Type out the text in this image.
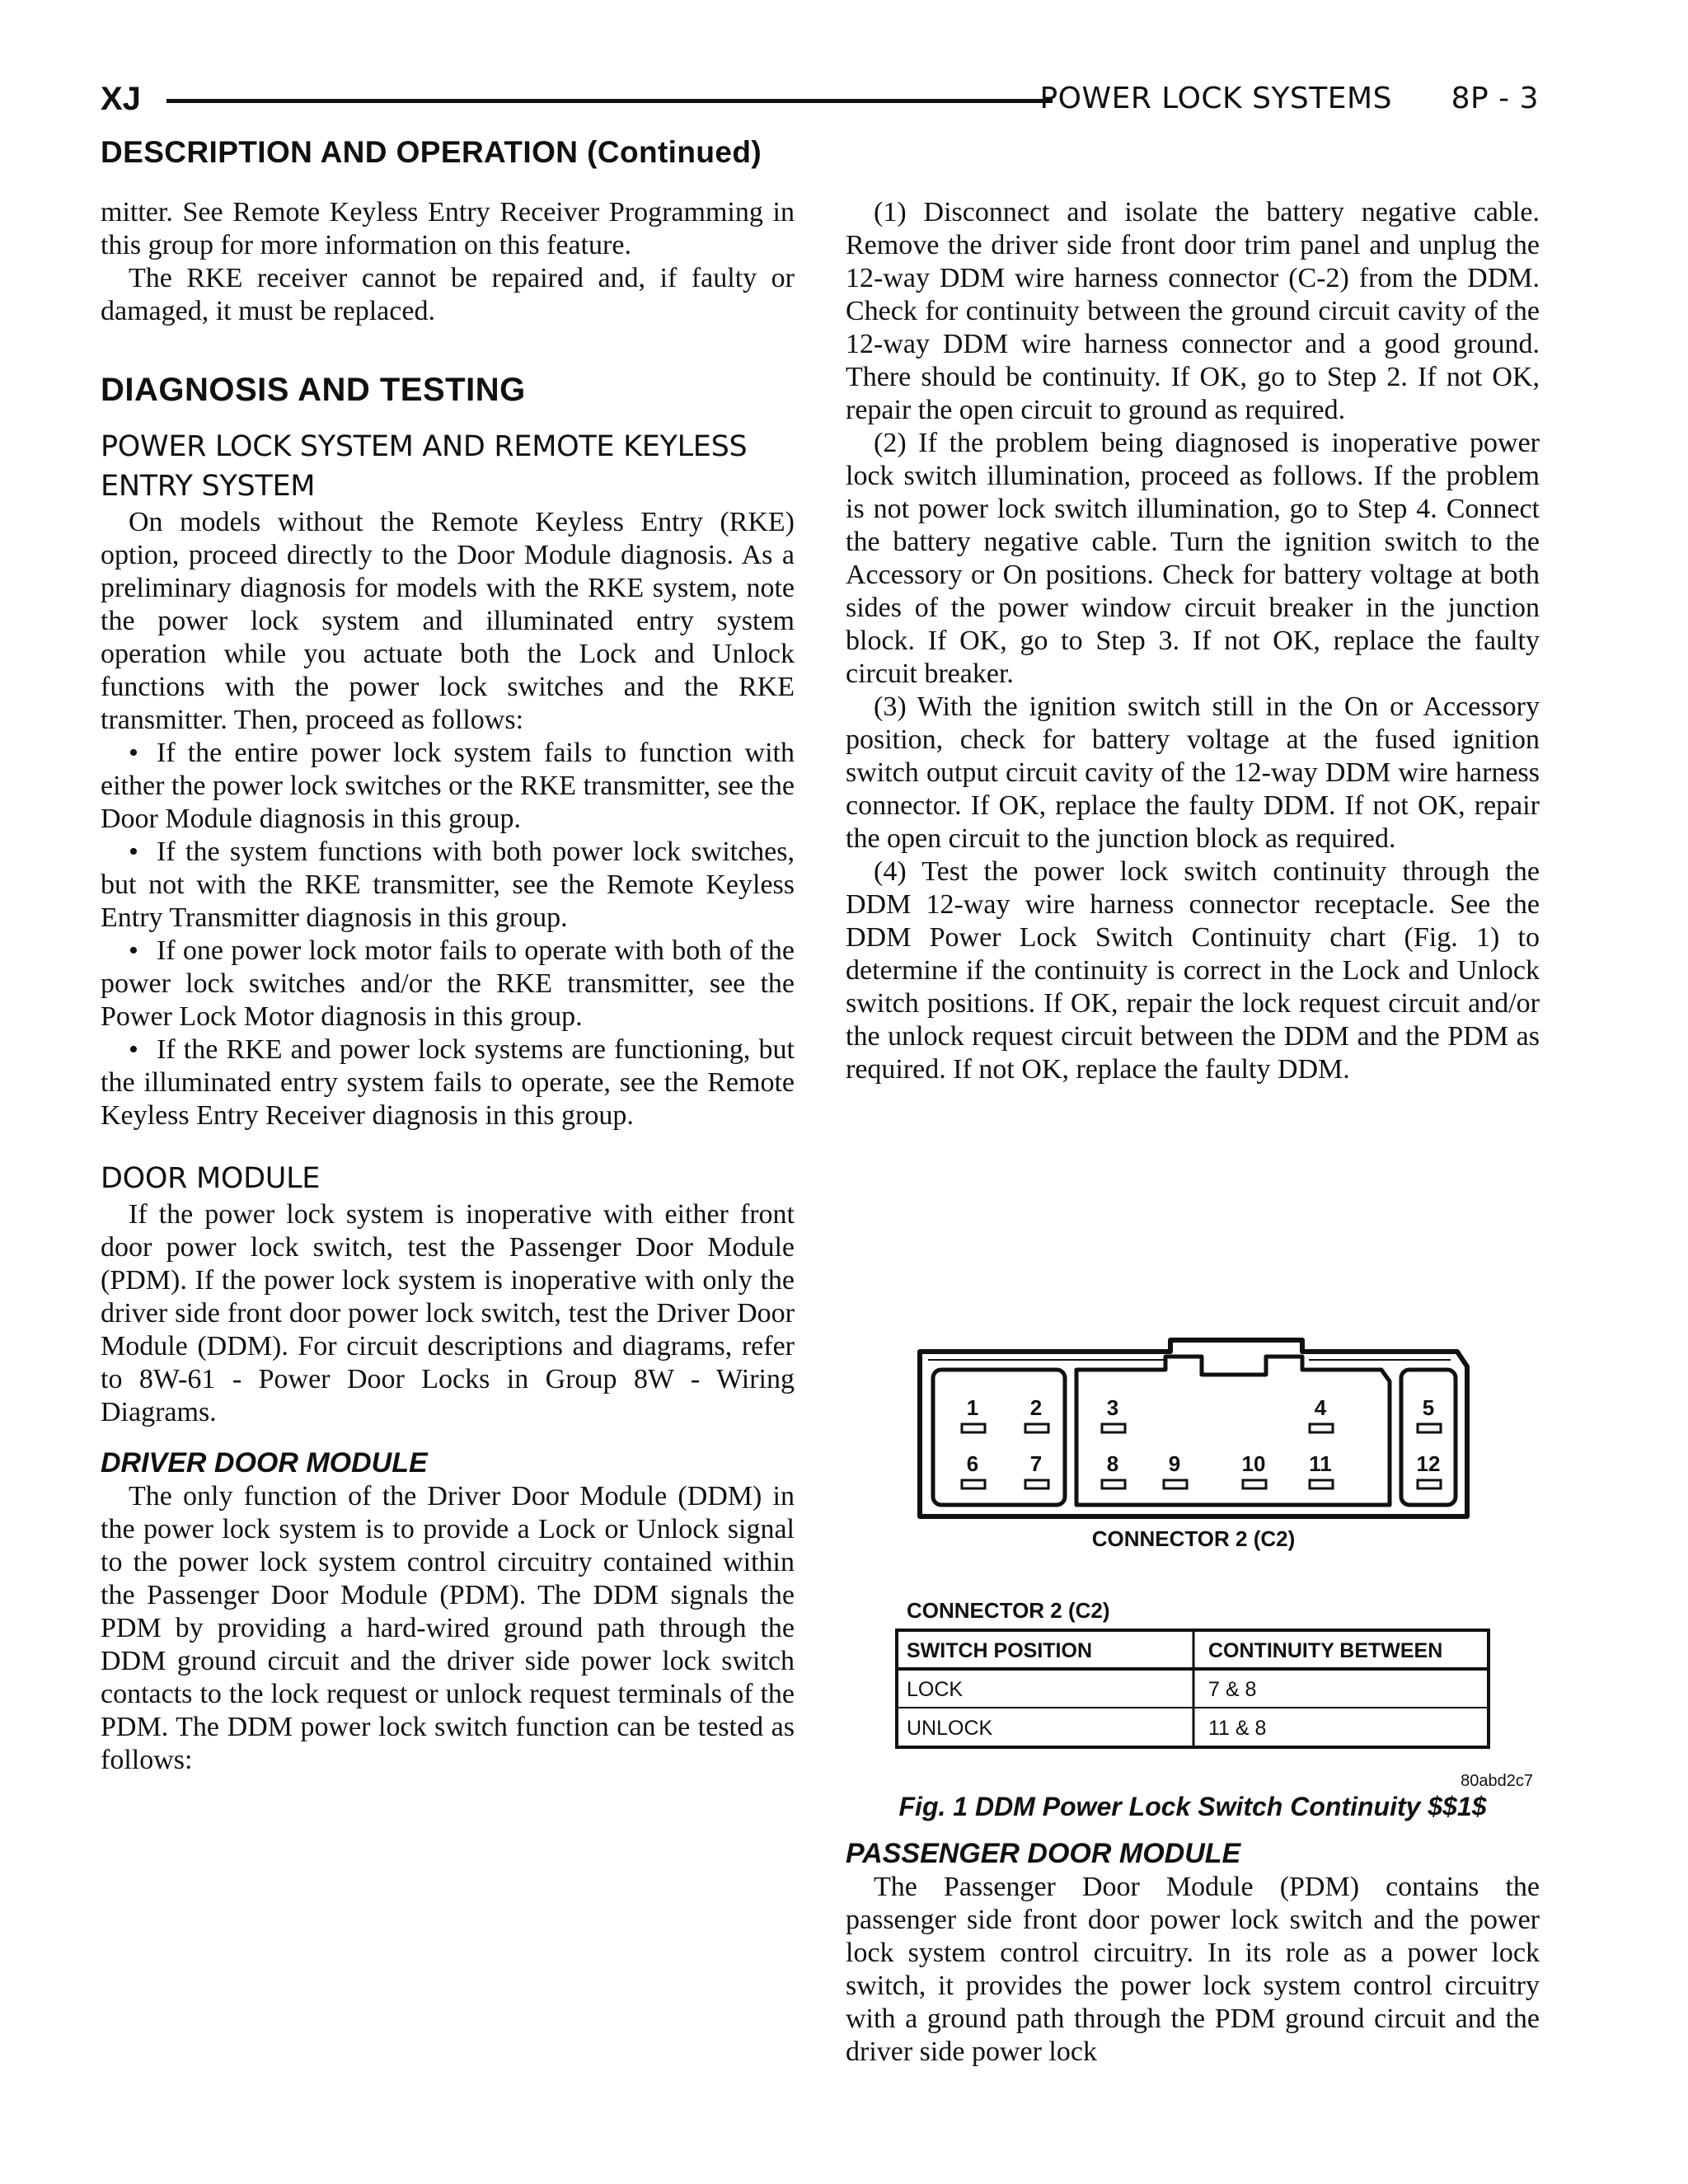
XJ	POWER LOCK SYSTEMS      8P - 3
DESCRIPTION AND OPERATION (Continued)

mitter. See Remote Keyless Entry Receiver Programming in this group for more information on this feature.

The RKE receiver cannot be repaired and, if faulty or damaged, it must be replaced.

DIAGNOSIS AND TESTING
POWER LOCK SYSTEM AND REMOTE KEYLESS ENTRY SYSTEM

On models without the Remote Keyless Entry (RKE) option, proceed directly to the Door Module diagnosis. As a preliminary diagnosis for models with the RKE system, note the power lock system and illuminated entry system operation while you actuate both the Lock and Unlock functions with the power lock switches and the RKE transmitter. Then, proceed as follows:

• If the entire power lock system fails to function with either the power lock switches or the RKE transmitter, see the Door Module diagnosis in this group.

• If the system functions with both power lock switches, but not with the RKE transmitter, see the Remote Keyless Entry Transmitter diagnosis in this group.

• If one power lock motor fails to operate with both of the power lock switches and/or the RKE transmitter, see the Power Lock Motor diagnosis in this group.

• If the RKE and power lock systems are functioning, but the illuminated entry system fails to operate, see the Remote Keyless Entry Receiver diagnosis in this group.

DOOR MODULE

If the power lock system is inoperative with either front door power lock switch, test the Passenger Door Module (PDM). If the power lock system is inoperative with only the driver side front door power lock switch, test the Driver Door Module (DDM). For circuit descriptions and diagrams, refer to 8W-61 - Power Door Locks in Group 8W - Wiring Diagrams.

DRIVER DOOR MODULE

The only function of the Driver Door Module (DDM) in the power lock system is to provide a Lock or Unlock signal to the power lock system control circuitry contained within the Passenger Door Module (PDM). The DDM signals the PDM by providing a hard-wired ground path through the DDM ground circuit and the driver side power lock switch contacts to the lock request or unlock request terminals of the PDM. The DDM power lock switch function can be tested as follows:

(1) Disconnect and isolate the battery negative cable. Remove the driver side front door trim panel and unplug the 12-way DDM wire harness connector (C-2) from the DDM. Check for continuity between the ground circuit cavity of the 12-way DDM wire harness connector and a good ground. There should be continuity. If OK, go to Step 2. If not OK, repair the open circuit to ground as required.

(2) If the problem being diagnosed is inoperative power lock switch illumination, proceed as follows. If the problem is not power lock switch illumination, go to Step 4. Connect the battery negative cable. Turn the ignition switch to the Accessory or On positions. Check for battery voltage at both sides of the power window circuit breaker in the junction block. If OK, go to Step 3. If not OK, replace the faulty circuit breaker.

(3) With the ignition switch still in the On or Accessory position, check for battery voltage at the fused ignition switch output circuit cavity of the 12-way DDM wire harness connector. If OK, replace the faulty DDM. If not OK, repair the open circuit to the junction block as required.

(4) Test the power lock switch continuity through the DDM 12-way wire harness connector receptacle. See the DDM Power Lock Switch Continuity chart (Fig. 1) to determine if the continuity is correct in the Lock and Unlock switch positions. If OK, repair the lock request circuit and/or the unlock request circuit between the DDM and the PDM as required. If not OK, replace the faulty DDM.

1 2	3	4	5
6 7	8 9	10 11	12
CONNECTOR 2 (C2)
CONNECTOR 2 (C2)
SWITCH POSITION	CONTINUITY BETWEEN
LOCK	7 & 8
UNLOCK	11 & 8
80abd2c7
Fig. 1 DDM Power Lock Switch Continuity $$1$
PASSENGER DOOR MODULE

The Passenger Door Module (PDM) contains the passenger side front door power lock switch and the power lock system control circuitry. In its role as a power lock switch, it provides the power lock system control circuitry with a ground path through the PDM ground circuit and the driver side power lock
